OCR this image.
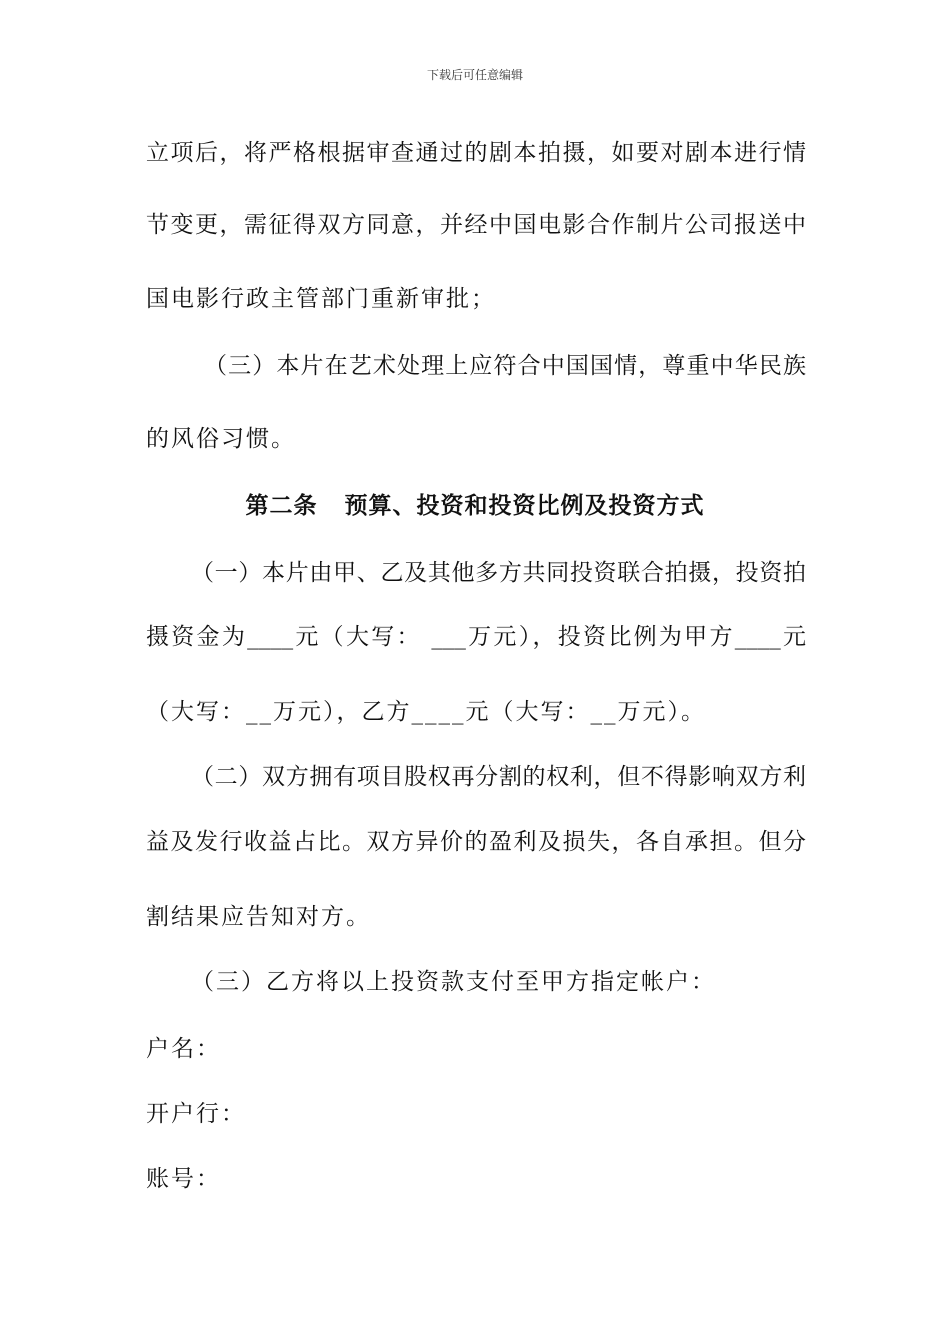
下载后可任意编辑
立项后，将严格根据审查通过的剧本拍摄，如要对剧本进行情
节变更，需征得双方同意，并经中国电影合作制片公司报送中
国电影行政主管部门重新审批；
（三）本片在艺术处理上应符合中国国情，尊重中华民族
的风俗习惯。
第二条   预算、投资和投资比例及投资方式
（一）本片由甲、乙及其他多方共同投资联合拍摄，投资拍
摄资金为____元（大写： ___万元），投资比例为甲方____元
（大写：__万元），乙方____元（大写：__万元）。
（二）双方拥有项目股权再分割的权利，但不得影响双方利
益及发行收益占比。双方异价的盈利及损失，各自承担。但分
割结果应告知对方。
（三）乙方将以上投资款支付至甲方指定帐户：
户名：
开户行：
账号：
